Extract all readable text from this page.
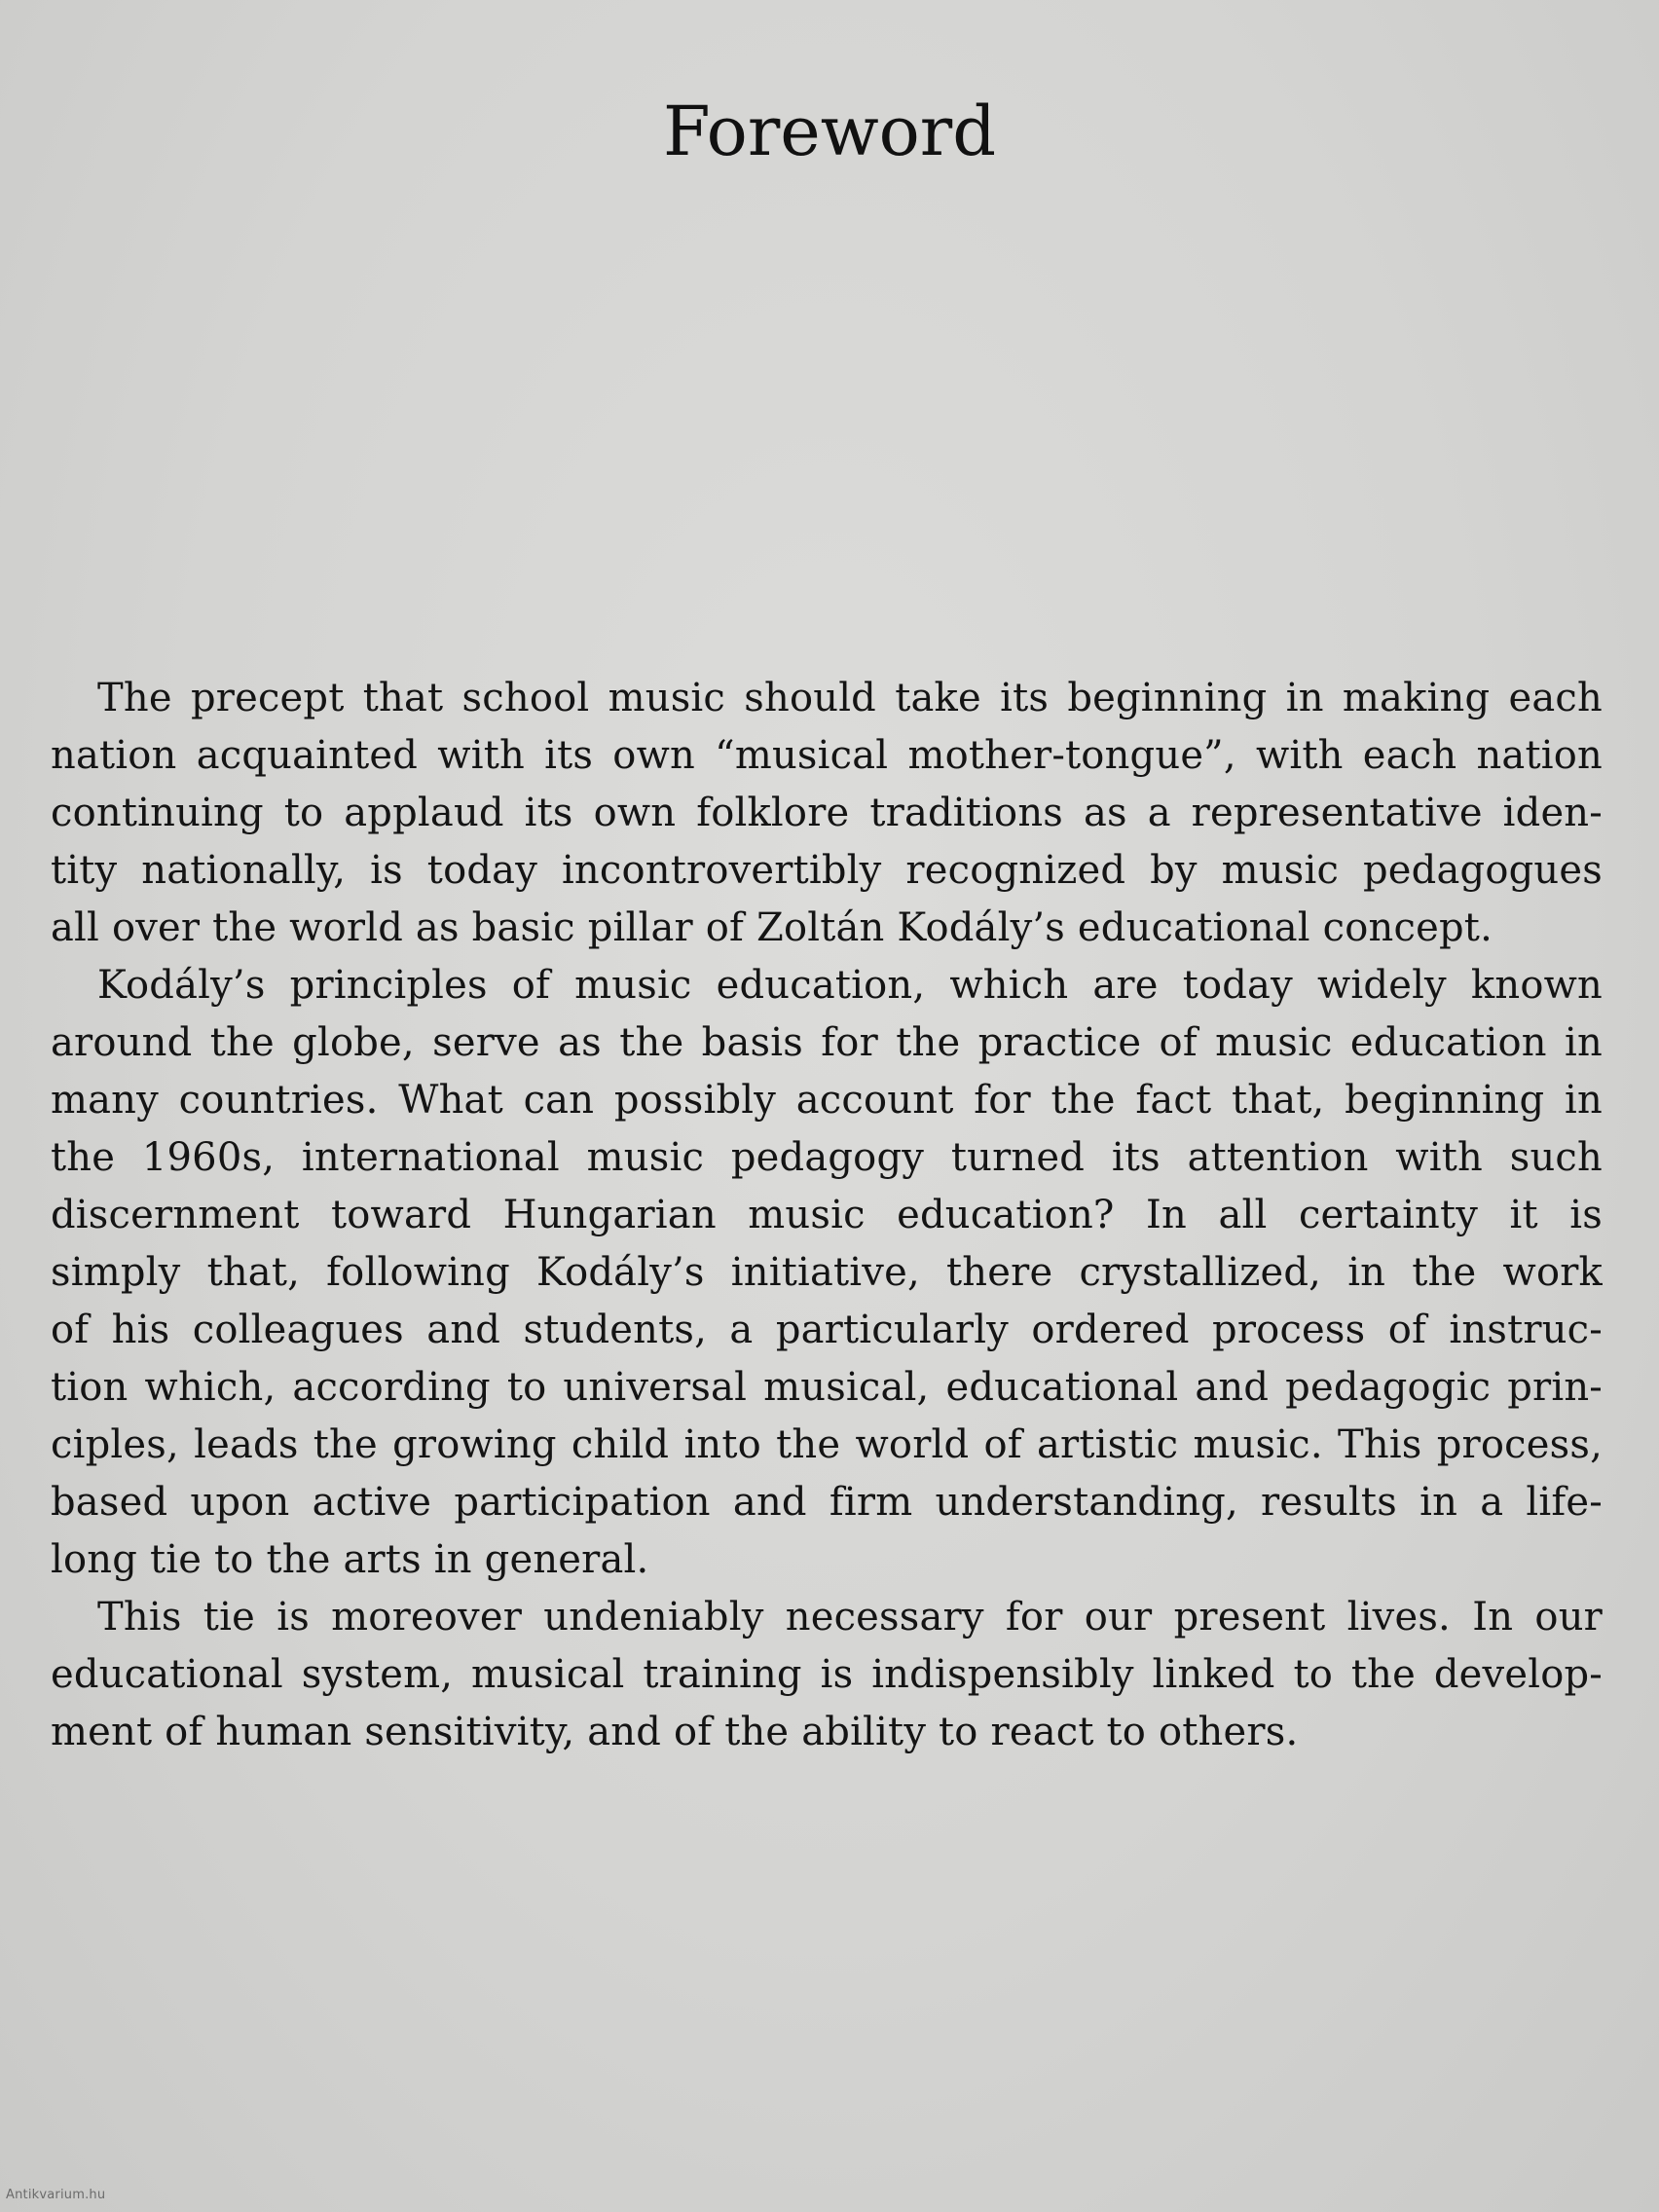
Foreword
The precept that school music should take its beginning in making each
nation acquainted with its own “musical mother-tongue”, with each nation
continuing to applaud its own folklore traditions as a representative iden-
tity nationally, is today incontrovertibly recognized by music pedagogues
all over the world as basic pillar of Zoltán Kodály’s educational concept.
Kodály’s principles of music education, which are today widely known
around the globe, serve as the basis for the practice of music education in
many countries. What can possibly account for the fact that, beginning in
the 1960s, international music pedagogy turned its attention with such
discernment toward Hungarian music education? In all certainty it is
simply that, following Kodály’s initiative, there crystallized, in the work
of his colleagues and students, a particularly ordered process of instruc-
tion which, according to universal musical, educational and pedagogic prin-
ciples, leads the growing child into the world of artistic music. This process,
based upon active participation and firm understanding, results in a life-
long tie to the arts in general.
This tie is moreover undeniably necessary for our present lives. In our
educational system, musical training is indispensibly linked to the develop-
ment of human sensitivity, and of the ability to react to others.
Antikvarium.hu
